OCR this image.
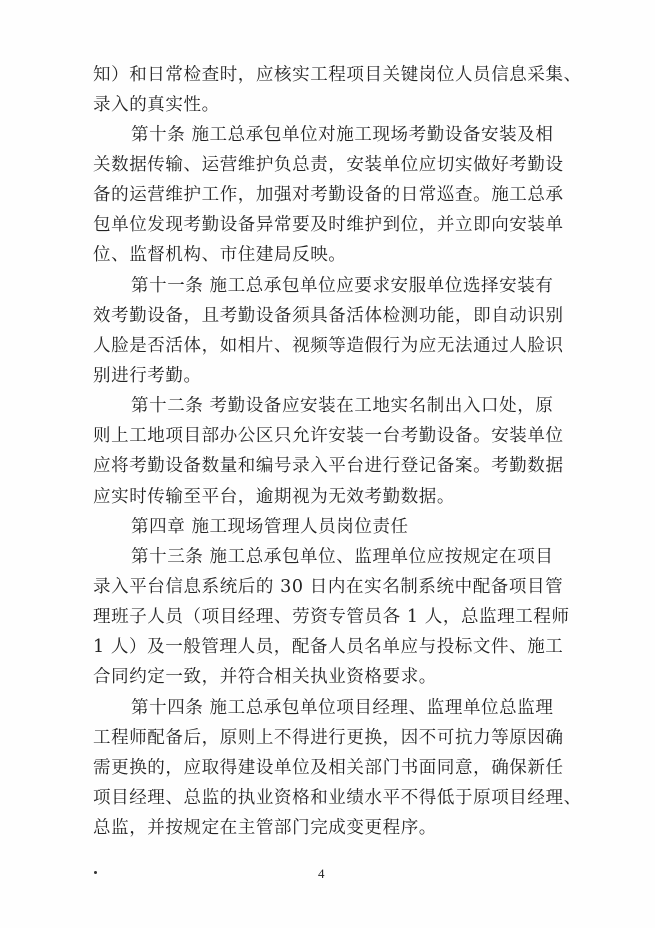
知）和日常检查时，应核实工程项目关键岗位人员信息采集、
录入的真实性。
第十条 施工总承包单位对施工现场考勤设备安装及相
关数据传输、运营维护负总责，安装单位应切实做好考勤设
备的运营维护工作，加强对考勤设备的日常巡查。施工总承
包单位发现考勤设备异常要及时维护到位，并立即向安装单
位、监督机构、市住建局反映。
第十一条 施工总承包单位应要求安服单位选择安装有
效考勤设备，且考勤设备须具备活体检测功能，即自动识别
人脸是否活体，如相片、视频等造假行为应无法通过人脸识
别进行考勤。
第十二条 考勤设备应安装在工地实名制出入口处，原
则上工地项目部办公区只允许安装一台考勤设备。安装单位
应将考勤设备数量和编号录入平台进行登记备案。考勤数据
应实时传输至平台，逾期视为无效考勤数据。
第四章 施工现场管理人员岗位责任
第十三条 施工总承包单位、监理单位应按规定在项目
录入平台信息系统后的 30 日内在实名制系统中配备项目管
理班子人员（项目经理、劳资专管员各 1 人，总监理工程师
1 人）及一般管理人员，配备人员名单应与投标文件、施工
合同约定一致，并符合相关执业资格要求。
第十四条 施工总承包单位项目经理、监理单位总监理
工程师配备后，原则上不得进行更换，因不可抗力等原因确
需更换的，应取得建设单位及相关部门书面同意，确保新任
项目经理、总监的执业资格和业绩水平不得低于原项目经理、
总监，并按规定在主管部门完成变更程序。
4
